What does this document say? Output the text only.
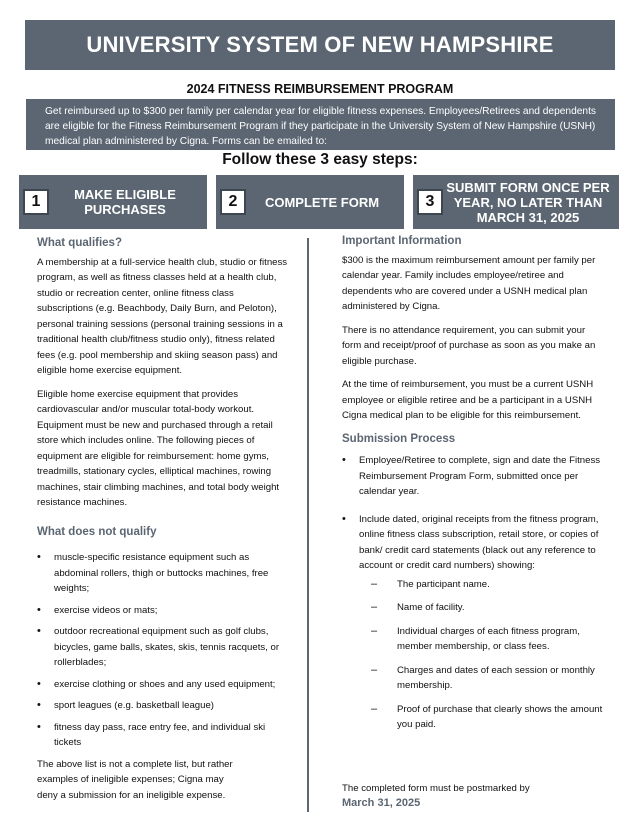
UNIVERSITY SYSTEM OF NEW HAMPSHIRE
2024 FITNESS REIMBURSEMENT PROGRAM
Get reimbursed up to $300 per family per calendar year for eligible fitness expenses. Employees/Retirees and dependents are eligible for the Fitness Reimbursement Program if they participate in the University System of New Hampshire (USNH) medical plan administered by Cigna. Forms can be emailed to:
Follow these 3 easy steps:
MAKE ELIGIBLE PURCHASES
1	COMPLETE FORM
2
SUBMIT FORM ONCE PER YEAR, NO LATER THAN MARCH 31, 2025
3
What qualifies?

A membership at a full-service health club, studio or fitness program, as well as fitness classes held at a health club, studio or recreation center, online fitness class subscriptions (e.g. Beachbody, Daily Burn, and Peloton), personal training sessions (personal training sessions in a traditional health club/fitness studio only), fitness related fees (e.g. pool membership and skiing season pass) and eligible home exercise equipment.

Eligible home exercise equipment that provides cardiovascular and/or muscular total-body workout. Equipment must be new and purchased through a retail store which includes online. The following pieces of equipment are eligible for reimbursement: home gyms, treadmills, stationary cycles, elliptical machines, rowing machines, stair climbing machines, and total body weight resistance machines.

What does not qualify
• muscle-specific resistance equipment such as abdominal rollers, thigh or buttocks machines, free weights;
• exercise videos or mats;
• outdoor recreational equipment such as golf clubs, bicycles, game balls, skates, skis, tennis racquets, or rollerblades;
• exercise clothing or shoes and any used equipment;
• sport leagues (e.g. basketball league)
• fitness day pass, race entry fee, and individual ski tickets

The above list is not a complete list, but rather examples of ineligible expenses; Cigna may deny a submission for an ineligible expense.

Important Information

$300 is the maximum reimbursement amount per family per calendar year. Family includes employee/retiree and dependents who are covered under a USNH medical plan administered by Cigna.

There is no attendance requirement, you can submit your form and receipt/proof of purchase as soon as you make an eligible purchase.

At the time of reimbursement, you must be a current USNH employee or eligible retiree and be a participant in a USNH Cigna medical plan to be eligible for this reimbursement.

Submission Process
• Employee/Retiree to complete, sign and date the Fitness Reimbursement Program Form, submitted once per calendar year.
• Include dated, original receipts from the fitness program, online fitness class subscription, retail store, or copies of bank/ credit card statements (black out any reference to account or credit card numbers) showing:
– The participant name.
– Name of facility.
– Individual charges of each fitness program, member membership, or class fees.
– Charges and dates of each session or monthly membership.
– Proof of purchase that clearly shows the amount you paid.
The completed form must be postmarked by
March 31, 2025
